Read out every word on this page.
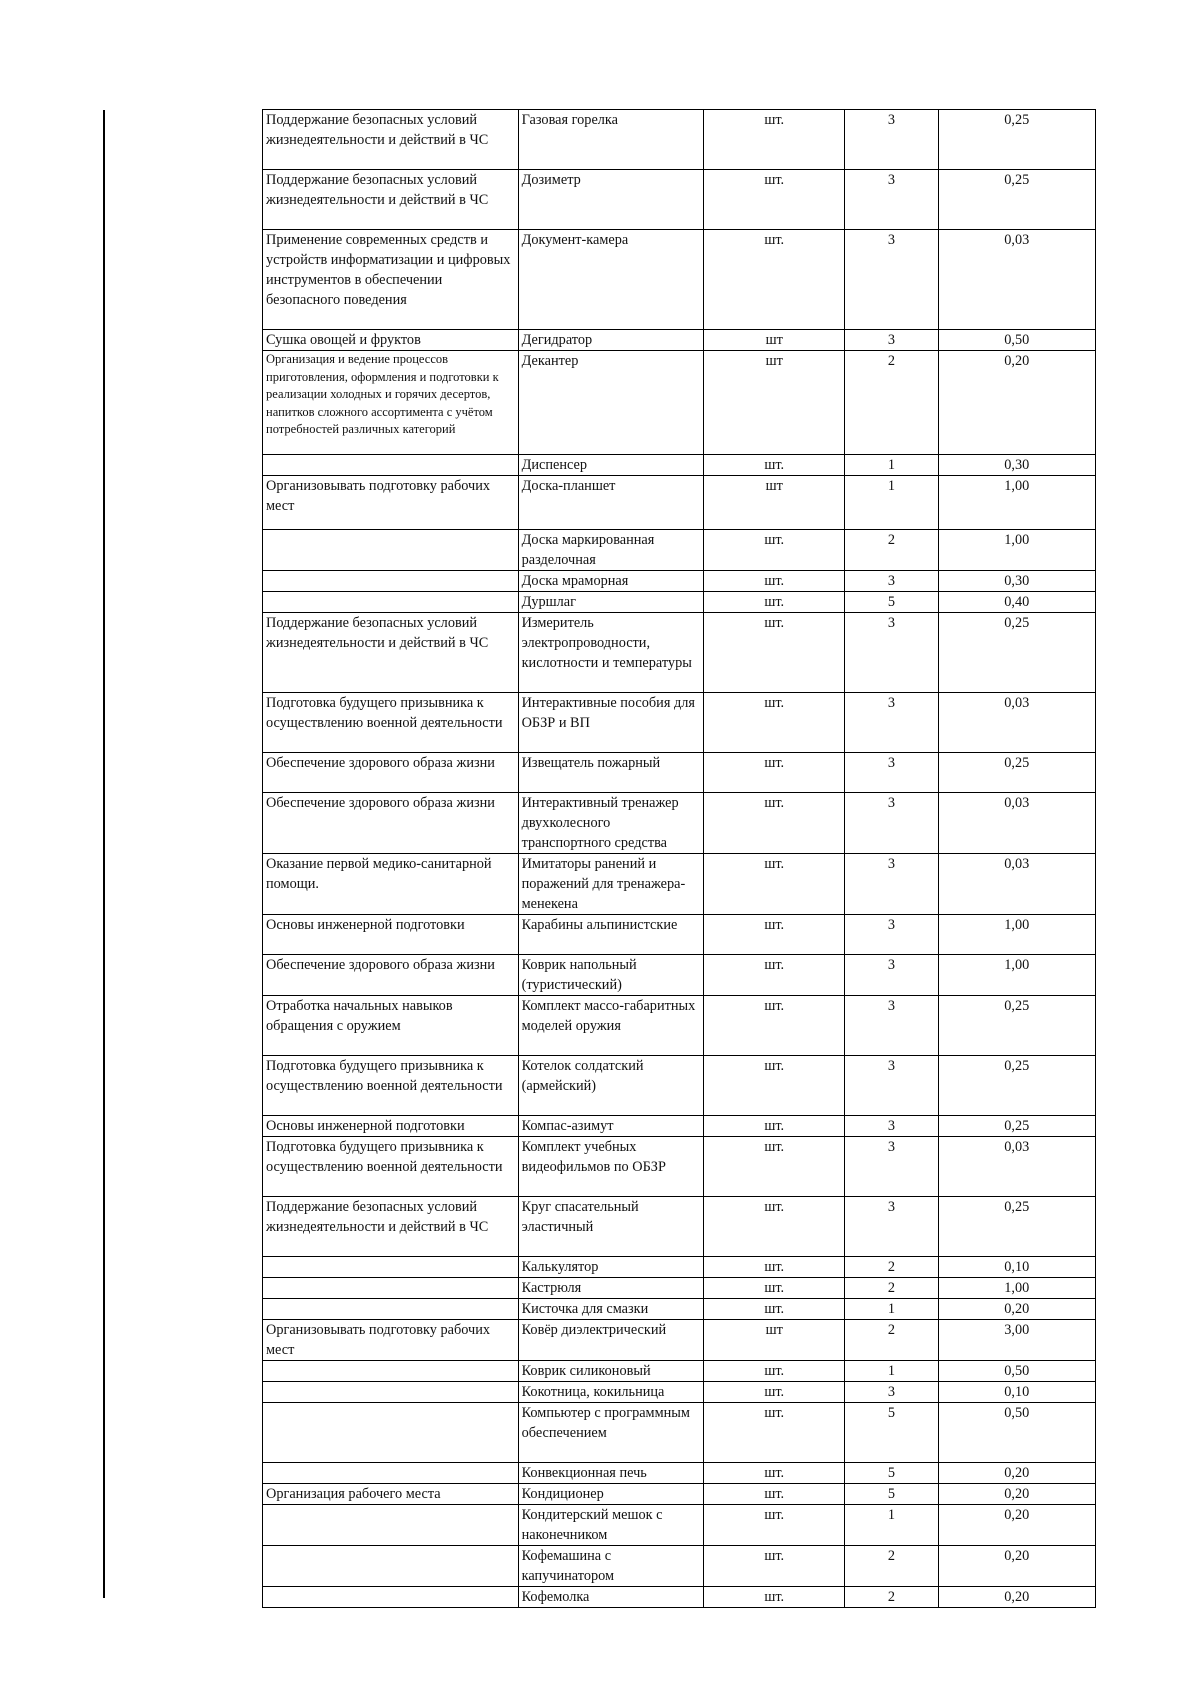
Поддержание безопасных условий жизнедеятельности и действий в ЧС	Газовая горелка	шт.	3	0,25
Поддержание безопасных условий жизнедеятельности и действий в ЧС	Дозиметр	шт.	3	0,25
Применение современных средств и устройств информатизации и цифровых инструментов в обеспечении безопасного поведения	Документ-камера	шт.	3	0,03
Сушка овощей и фруктов	Дегидратор	шт	3	0,50
Организация и ведение процессов приготовления, оформления и подготовки к реализации холодных и горячих десертов, напитков сложного ассортимента с учётом потребностей различных категорий	Декантер	шт	2	0,20
	Диспенсер	шт.	1	0,30
Организовывать подготовку рабочих мест	Доска-планшет	шт	1	1,00
	Доска маркированная разделочная	шт.	2	1,00
	Доска мраморная	шт.	3	0,30
	Дуршлаг	шт.	5	0,40
Поддержание безопасных условий жизнедеятельности и действий в ЧС	Измеритель электропроводности, кислотности и температуры	шт.	3	0,25
Подготовка будущего призывника к осуществлению военной деятельности	Интерактивные пособия для ОБЗР и ВП	шт.	3	0,03
Обеспечение здорового образа жизни	Извещатель пожарный	шт.	3	0,25
Обеспечение здорового образа жизни	Интерактивный тренажер двухколесного транспортного средства	шт.	3	0,03
Оказание первой медико-санитарной помощи.	Имитаторы ранений и поражений для тренажера-менекена	шт.	3	0,03
Основы инженерной подготовки	Карабины альпинистские	шт.	3	1,00
Обеспечение здорового образа жизни	Коврик напольный (туристический)	шт.	3	1,00
Отработка начальных навыков обращения с оружием	Комплект массо-габаритных моделей оружия	шт.	3	0,25
Подготовка будущего призывника к осуществлению военной деятельности	Котелок солдатский (армейский)	шт.	3	0,25
Основы инженерной подготовки	Компас-азимут	шт.	3	0,25
Подготовка будущего призывника к осуществлению военной деятельности	Комплект учебных видеофильмов по ОБЗР	шт.	3	0,03
Поддержание безопасных условий жизнедеятельности и действий в ЧС	Круг спасательный эластичный	шт.	3	0,25
	Калькулятор	шт.	2	0,10
	Кастрюля	шт.	2	1,00
	Кисточка для смазки	шт.	1	0,20
Организовывать подготовку рабочих мест	Ковёр диэлектрический	шт	2	3,00
	Коврик силиконовый	шт.	1	0,50
	Кокотница, кокильница	шт.	3	0,10
	Компьютер с программным обеспечением	шт.	5	0,50
	Конвекционная печь	шт.	5	0,20
Организация рабочего места	Кондиционер	шт.	5	0,20
	Кондитерский мешок с наконечником	шт.	1	0,20
	Кофемашина с капучинатором	шт.	2	0,20
	Кофемолка	шт.	2	0,20
